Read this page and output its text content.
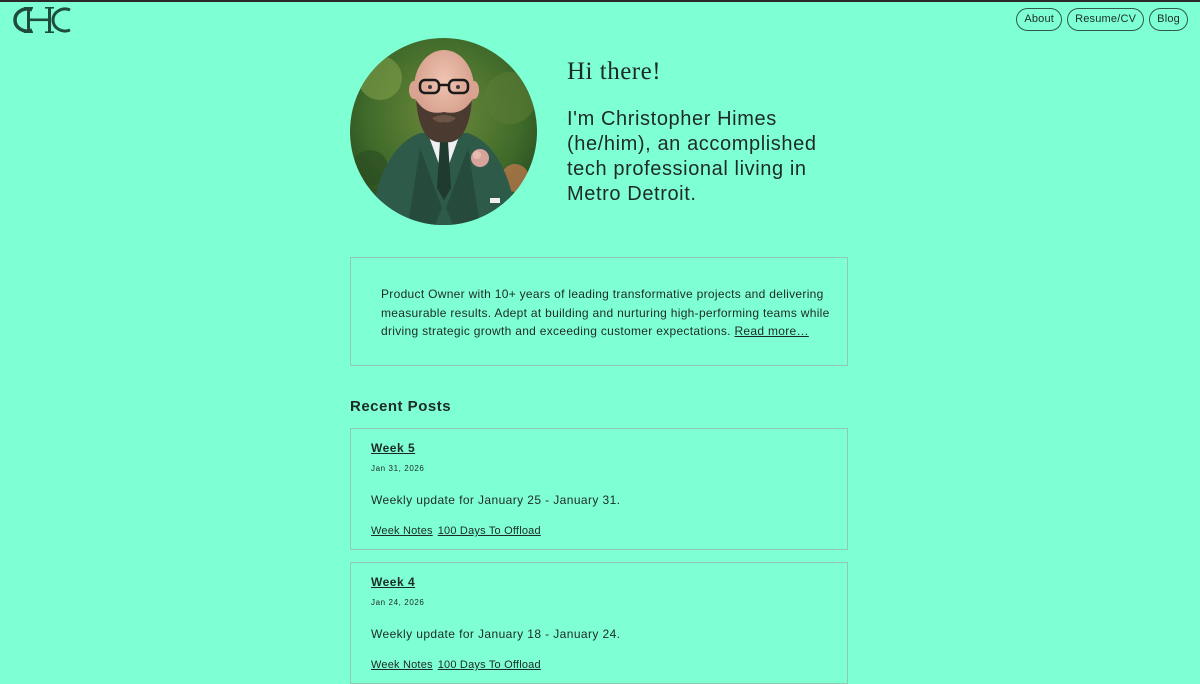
About	Resume/CV	Blog
Hi there!

I'm Christopher Himes (he/him), an accomplished tech professional living in Metro Detroit.

Product Owner with 10+ years of leading transformative projects and delivering measurable results. Adept at building and nurturing high-performing teams while driving strategic growth and exceeding customer expectations. Read more…

Recent Posts
Week 5
Jan 31, 2026
Weekly update for January 25 - January 31.
Week Notes 100 Days To Offload
Week 4
Jan 24, 2026
Weekly update for January 18 - January 24.
Week Notes 100 Days To Offload
